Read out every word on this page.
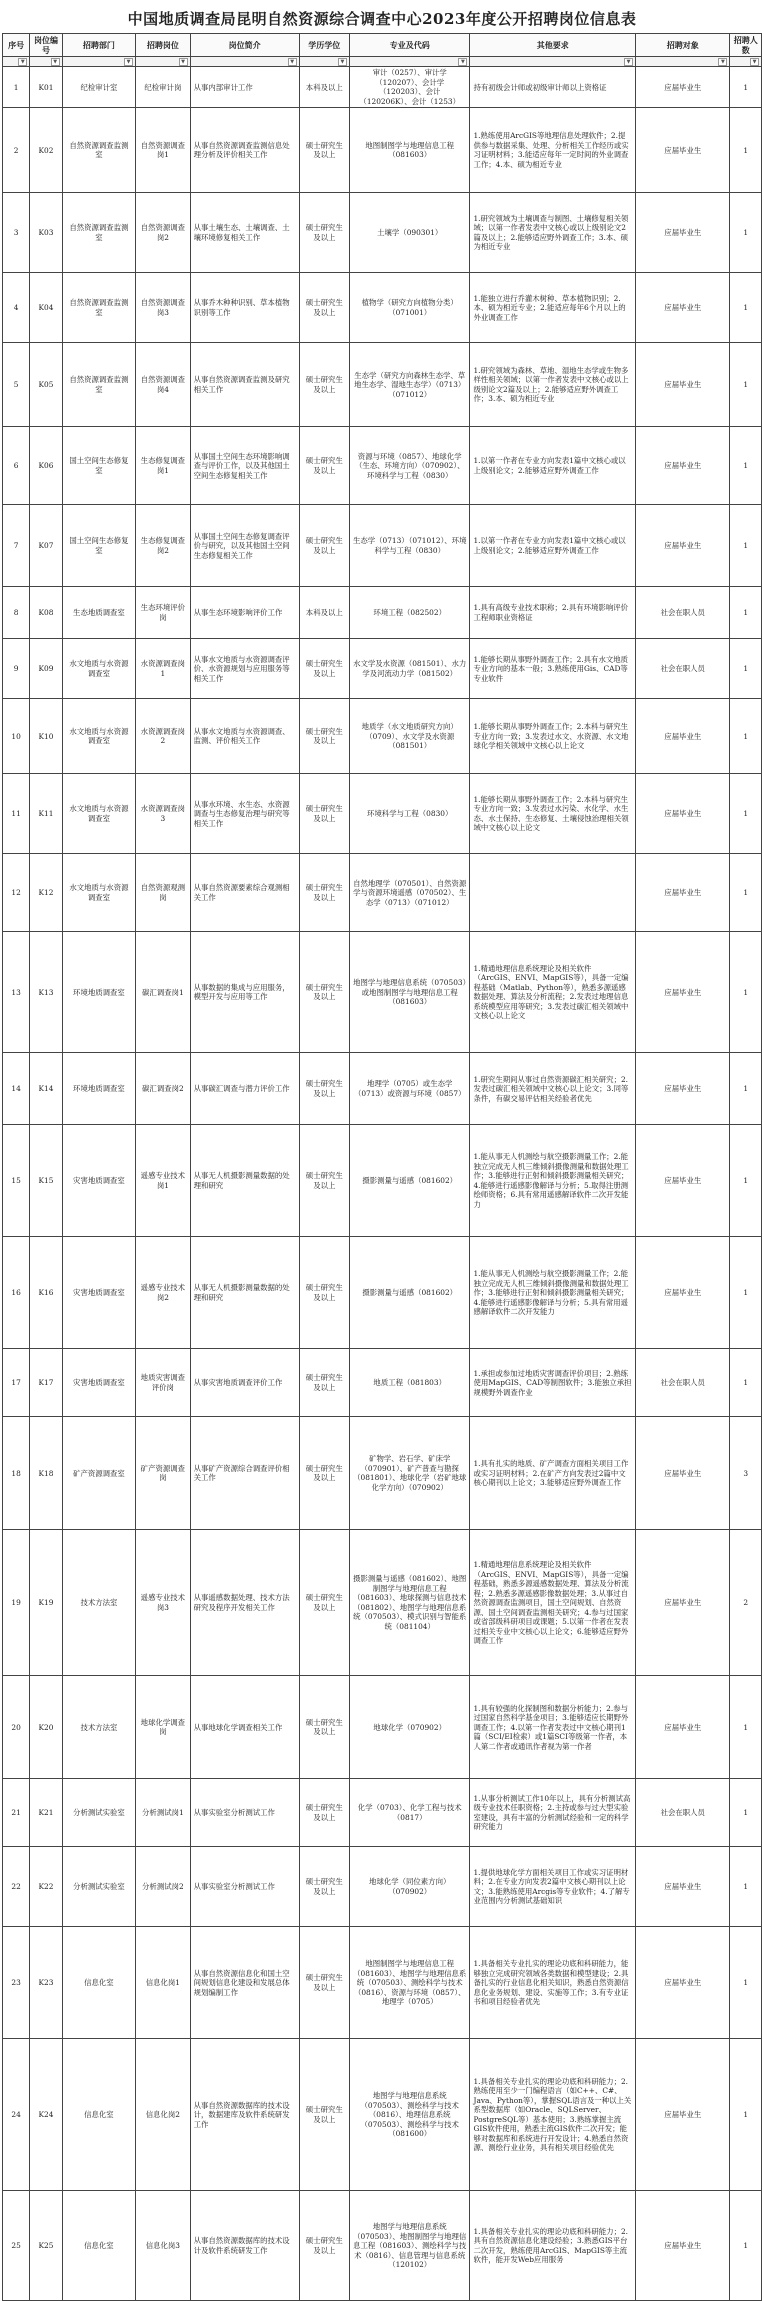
中国地质调查局昆明自然资源综合调查中心2023年度公开招聘岗位信息表
序号	岗位编号	招聘部门	招聘岗位	岗位简介	学历学位	专业及代码	其他要求	招聘对象	招聘人数

▼	▼	▼	▼	▼	▼	▼	▼	▼	▼

1	K01	纪检审计室	纪检审计岗	从事内部审计工作	本科及以上	审计（0257）、审计学（120207）、会计学（120203）、会计（120206K）、会计（1253）	持有初级会计师或初级审计师以上资格证	应届毕业生	1
2	K02	自然资源调查监测室	自然资源调查岗1	从事自然资源调查监测信息处理分析及评价相关工作	硕士研究生及以上	地图制图学与地理信息工程（081603）	1.熟练使用ArcGIS等地理信息处理软件；2.提供参与数据采集、处理、分析相关工作经历或实习证明材料；3.能适应每年一定时间的外业调查工作；4.本、硕为相近专业	应届毕业生	1
3	K03	自然资源调查监测室	自然资源调查岗2	从事土壤生态、土壤调查、土壤环境修复相关工作	硕士研究生及以上	土壤学（090301）	1.研究领域为土壤调查与制图、土壤修复相关领域；以第一作者发表中文核心或以上级别论文2篇及以上；2.能够适应野外调查工作；3.本、硕为相近专业	应届毕业生	1
4	K04	自然资源调查监测室	自然资源调查岗3	从事乔木种种识别、草本植物识别等工作	硕士研究生及以上	植物学（研究方向植物分类）（071001）	1.能独立进行乔灌木树种、草本植物识别；2.本、硕为相近专业；2.能适应每年6个月以上的外业调查工作	应届毕业生	1
5	K05	自然资源调查监测室	自然资源调查岗4	从事自然资源调查监测及研究相关工作	硕士研究生及以上	生态学（研究方向森林生态学、草地生态学、湿地生态学）（0713）（071012）	1.研究领域为森林、草地、湿地生态学或生物多样性相关领域；以第一作者发表中文核心或以上级别论文2篇及以上；2.能够适应野外调查工作；3.本、硕为相近专业	应届毕业生	1
6	K06	国土空间生态修复室	生态修复调查岗1	从事国土空间生态环境影响调查与评价工作，以及其他国土空间生态修复相关工作	硕士研究生及以上	资源与环境（0857）、地球化学（生态、环境方向）（070902）、环境科学与工程（0830）	1.以第一作者在专业方向发表1篇中文核心或以上级别论文；2.能够适应野外调查工作	应届毕业生	1
7	K07	国土空间生态修复室	生态修复调查岗2	从事国土空间生态修复调查评价与研究，以及其他国土空间生态修复相关工作	硕士研究生及以上	生态学（0713）（071012）、环境科学与工程（0830）	1.以第一作者在专业方向发表1篇中文核心或以上级别论文；2.能够适应野外调查工作	应届毕业生	1
8	K08	生态地质调查室	生态环境评价岗	从事生态环境影响评价工作	本科及以上	环境工程（082502）	1.具有高级专业技术职称；2.具有环境影响评价工程师职业资格证	社会在职人员	1
9	K09	水文地质与水资源调查室	水资源调查岗1	从事水文地质与水资源调查评价、水资源规划与应用服务等相关工作	硕士研究生及以上	水文学及水资源（081501）、水力学及河流动力学（081502）	1.能够长期从事野外调查工作；2.具有水文地质专业方向的基本一般；3.熟练使用Gis、CAD等专业软件	社会在职人员	1
10	K10	水文地质与水资源调查室	水资源调查岗2	从事水文地质与水资源调查、监测、评价相关工作	硕士研究生及以上	地质学（水文地质研究方向）（0709）、水文学及水资源（081501）	1.能够长期从事野外调查工作；2.本科与研究生专业方向一致；3.发表过水文、水资源、水文地球化学相关领域中文核心以上论文	应届毕业生	1
11	K11	水文地质与水资源调查室	水资源调查岗3	从事水环境、水生态、水资源调查与生态修复治理与研究等相关工作	硕士研究生及以上	环境科学与工程（0830）	1.能够长期从事野外调查工作；2.本科与研究生专业方向一致；3.发表过水污染、水化学、水生态、水土保持、生态修复、土壤侵蚀治理相关领域中文核心以上论文	应届毕业生	1
12	K12	水文地质与水资源调查室	自然资源观测岗	从事自然资源要素综合观测相关工作	硕士研究生及以上	自然地理学（070501）、自然资源学与资源环境遥感（070502）、生态学（0713）（071012）		应届毕业生	1
13	K13	环境地质调查室	碳汇调查岗1	从事数据的集成与应用服务，模型开发与应用等工作	硕士研究生及以上	地图学与地理信息系统（070503）或地图制图学与地理信息工程（081603）	1.精通地理信息系统理论及相关软件（ArcGIS、ENVI、MapGIS等），具备一定编程基础（Matlab、Python等），熟悉多源遥感数据处理、算法及分析流程；2.发表过地理信息系统模型应用等研究；3.发表过碳汇相关领域中文核心以上论文	应届毕业生	1
14	K14	环境地质调查室	碳汇调查岗2	从事碳汇调查与潜力评价工作	硕士研究生及以上	地理学（0705）或生态学（0713）或资源与环境（0857）	1.研究生期间从事过自然资源碳汇相关研究；2.发表过碳汇相关领域中文核心以上论文；3.同等条件，有碳交易评估相关经验者优先	应届毕业生	1
15	K15	灾害地质调查室	遥感专业技术岗1	从事无人机摄影测量数据的处理和研究	硕士研究生及以上	摄影测量与遥感（081602）	1.能从事无人机测绘与航空摄影测量工作；2.能独立完成无人机三维倾斜摄像测量和数据处理工作；3.能够进行正射和倾斜摄影测量相关研究；4.能够进行遥感影像解译与分析；5.取得注册测绘师资格；6.具有常用遥感解译软件二次开发能力	应届毕业生	1
16	K16	灾害地质调查室	遥感专业技术岗2	从事无人机摄影测量数据的处理和研究	硕士研究生及以上	摄影测量与遥感（081602）	1.能从事无人机测绘与航空摄影测量工作；2.能独立完成无人机三维倾斜摄像测量和数据处理工作；3.能够进行正射和倾斜摄影测量相关研究；4.能够进行遥感影像解译与分析；5.具有常用遥感解译软件二次开发能力	应届毕业生	1
17	K17	灾害地质调查室	地质灾害调查评价岗	从事灾害地质调查评价工作	硕士研究生及以上	地质工程（081803）	1.承担或参加过地质灾害调查评价项目；2.熟练使用MapGIS、CAD等制图软件；3.能独立承担规模野外调查作业	社会在职人员	1
18	K18	矿产资源调查室	矿产资源调查岗	从事矿产资源综合调查评价相关工作	硕士研究生及以上	矿物学、岩石学、矿床学（070901）、矿产普查与勘探（081801）、地球化学（岩矿地球化学方向）（070902）	1.具有扎实的地质、矿产调查方面相关项目工作或实习证明材料；2.在矿产方向发表过2篇中文核心期刊以上论文；3.能够适应野外调查工作	应届毕业生	3
19	K19	技术方法室	遥感专业技术岗3	从事遥感数据处理、技术方法研究及程序开发相关工作	硕士研究生及以上	摄影测量与遥感（081602）、地图制图学与地理信息工程（081603）、地球探测与信息技术（081802）、地图学与地理信息系统（070503）、模式识别与智能系统（081104）	1.精通地理信息系统理论及相关软件（ArcGIS、ENVI、MapGIS等），具备一定编程基础，熟悉多源遥感数据处理、算法及分析流程；2.熟悉多源遥感影像数据处理；3.从事过自然资源调查监测项目，国土空间规划、自然资源、国土空间调查监测相关研究；4.参与过国家或省部级科研项目或课题；5.以第一作者在发表过相关专业中文核心以上论文；6.能够适应野外调查工作	应届毕业生	2
20	K20	技术方法室	地球化学调查岗	从事地球化学调查相关工作	硕士研究生及以上	地球化学（070902）	1.具有较强的化探制图和数据分析能力；2.参与过国家自然科学基金项目；3.能够适应长期野外调查工作；4.以第一作者发表过中文核心期刊1篇（SCI/EI检索）或1篇SCI等级第一作者，本人第二作者或通讯作者视为第一作者	应届毕业生	1
21	K21	分析测试实验室	分析测试岗1	从事实验室分析测试工作	硕士研究生及以上	化学（0703）、化学工程与技术（0817）	1.从事分析测试工作10年以上，具有分析测试高级专业技术任职资格；2.主持或参与过大型实验室建设，具有丰富的分析测试经验和一定的科学研究能力	社会在职人员	1
22	K22	分析测试实验室	分析测试岗2	从事实验室分析测试工作	硕士研究生及以上	地球化学（同位素方向）（070902）	1.提供地球化学方面相关项目工作或实习证明材料；2.在专业方向发表2篇中文核心期刊以上论文；3.能熟练使用Arcgis等专业软件；4.了解专业范围内分析测试基础知识	应届毕业生	1
23	K23	信息化室	信息化岗1	从事自然资源信息化和国土空间规划信息化建设和发展总体规划编制工作	硕士研究生及以上	地图制图学与地理信息工程（081603）、地图学与地理信息系统（070503）、测绘科学与技术（0816）、资源与环境（0857）、地理学（0705）	1.具备相关专业扎实的理论功底和科研能力，能够独立完成研究领域各类数据和模型建设；2.具备扎实的行业信息化相关知识，熟悉自然资源信息化业务规划、建设、实施等工作；3.有专业证书和项目经验者优先	应届毕业生	1
24	K24	信息化室	信息化岗2	从事自然资源数据库的技术设计，数据建库及软件系统研发工作	硕士研究生及以上	地图学与地理信息系统（070503）、测绘科学与技术（0816）、地理信息系统（070503）、测绘科学与技术（081600）	1.具备相关专业扎实的理论功底和科研能力；2.熟练使用至少一门编程语言（如C++、C#、Java、Python等），掌握SQL语言及一种以上关系型数据库（如Oracle、SQLServer、PostgreSQL等）基本使用；3.熟练掌握主流GIS软件使用，熟悉主流GIS软件二次开发；能够对数据库和系统进行开发设计；4.熟悉自然资源、测绘行业业务，具有相关项目经验优先	应届毕业生	1
25	K25	信息化室	信息化岗3	从事自然资源数据库的技术设计及软件系统研发工作	硕士研究生及以上	地图学与地理信息系统（070503）、地图制图学与地理信息工程（081603）、测绘科学与技术（0816）、信息管理与信息系统（120102）	1.具备相关专业扎实的理论功底和科研能力；2.具有自然资源信息化建设经验；3.熟悉GIS平台二次开发，熟练使用ArcGIS、MapGIS等主流软件，能开发Web应用服务	应届毕业生	1
